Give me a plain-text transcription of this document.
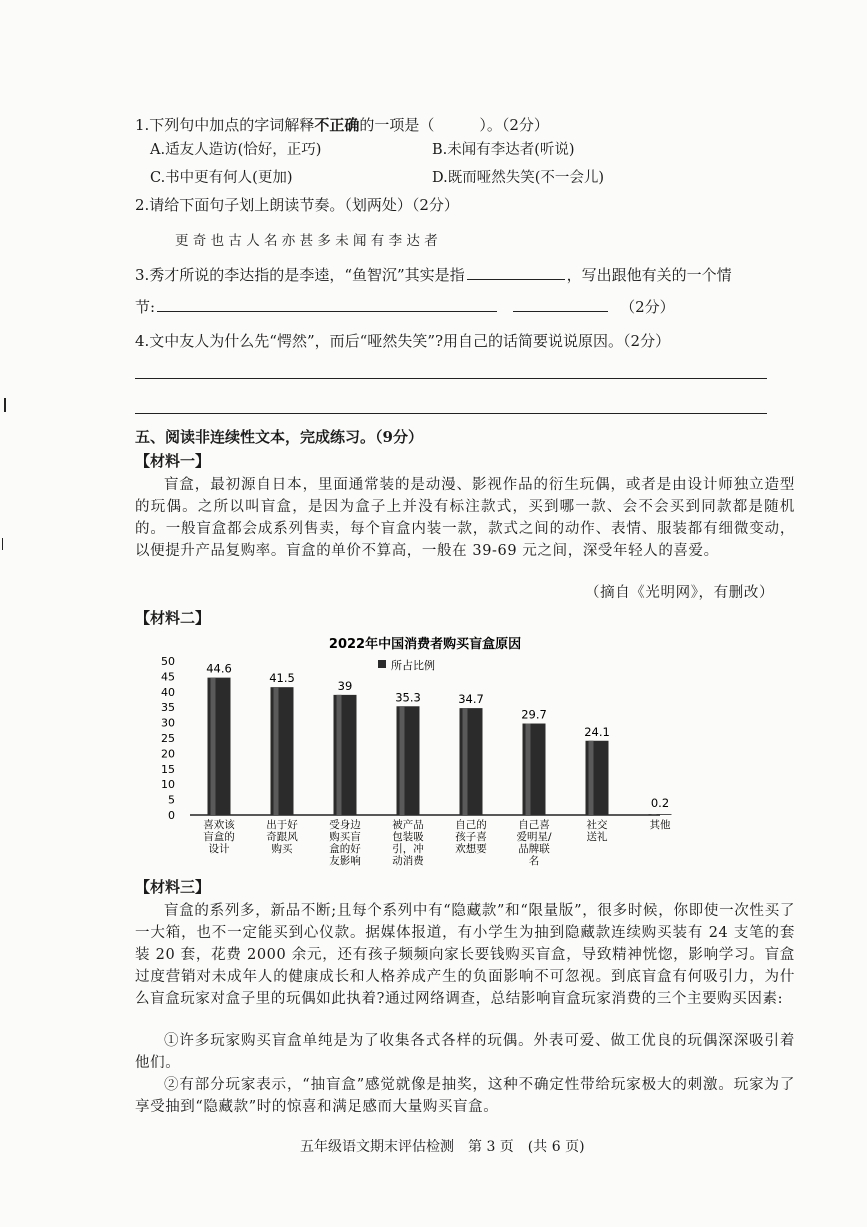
1.下列句中加点的字词解释不正确的一项是（　　　）。（2分）
A.适友人造访(恰好，正巧)	B.未闻有李达者(听说)
C.书中更有何人(更加)	D.既而哑然失笑(不一会儿)
2.请给下面句子划上朗读节奏。（划两处）（2分）
更奇也古人名亦甚多未闻有李达者
3.秀才所说的李达指的是李逵，“鱼智沉”其实是指	，写出跟他有关的一个情
节:	（2分）
4.文中友人为什么先“愕然”，而后“哑然失笑”?用自己的话简要说说原因。（2分）
五、阅读非连续性文本，完成练习。（9分）
【材料一】
盲盒，最初源自日本，里面通常装的是动漫、影视作品的衍生玩偶，或者是由设计师独立造型的玩偶。之所以叫盲盒，是因为盒子上并没有标注款式，买到哪一款、会不会买到同款都是随机的。一般盲盒都会成系列售卖，每个盲盒内装一款，款式之间的动作、表情、服装都有细微变动，以便提升产品复购率。盲盒的单价不算高，一般在 39-69 元之间，深受年轻人的喜爱。
（摘自《光明网》，有删改）
【材料二】
2022年中国消费者购买盲盒原因
所占比例
0
5
10
15
20
25
30
35
40
45
50
44.6
41.5
39
35.3	34.7
29.7
24.1
0.2
喜欢该
盲盒的
设计
出于好
奇跟风
购买
受身边
购买盲
盒的好
友影响
被产品
包装吸
引，冲
动消费
自己的
孩子喜
欢想要
自己喜
爱明星/
品牌联
名
社交
送礼
其他
【材料三】
盲盒的系列多，新品不断;且每个系列中有“隐藏款”和“限量版”，很多时候，你即使一次性买了一大箱，也不一定能买到心仪款。据媒体报道，有小学生为抽到隐藏款连续购买装有 24 支笔的套装 20 套，花费 2000 余元，还有孩子频频向家长要钱购买盲盒，导致精神恍惚，影响学习。盲盒过度营销对未成年人的健康成长和人格养成产生的负面影响不可忽视。到底盲盒有何吸引力，为什么盲盒玩家对盒子里的玩偶如此执着?通过网络调查，总结影响盲盒玩家消费的三个主要购买因素:
①许多玩家购买盲盒单纯是为了收集各式各样的玩偶。外表可爱、做工优良的玩偶深深吸引着他们。
②有部分玩家表示，“抽盲盒”感觉就像是抽奖，这种不确定性带给玩家极大的刺激。玩家为了享受抽到“隐藏款”时的惊喜和满足感而大量购买盲盒。
五年级语文期末评估检测　第 3 页　(共 6 页)
